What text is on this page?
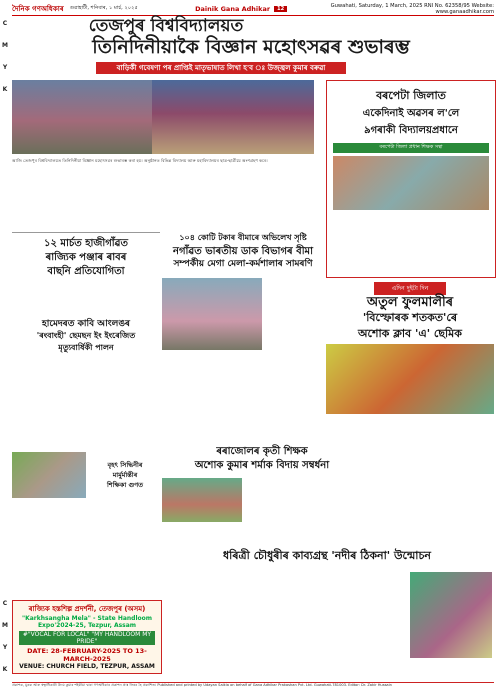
C
M
Y
K
C
M
Y
K
দৈনিক গণঅধিকাৰ গুৱাহাটী, শনিবাৰ, ১ মাৰ্চ, ২০২৫	Dainik Gana Adhikar	12	Guwahati, Saturday, 1 March, 2025 RNI No. 62358/95 Website: www.ganaadhikar.com
তেজপুৰ বিশ্ববিদ্যালয়ত
তিনিদিনীয়াকৈ বিজ্ঞান মহোৎসৱৰ শুভাৰম্ভ
বাড়িৰ্কী গবেষণা পৰ প্ৰাপ্তিই মাতৃভাষাত লিখা হ'ব ঃ উজ্জ্বল কুমাৰ বৰুৱা
আজি তেজপুৰ বিশ্ববিদ্যালয়ত তিনিদিনীয়া বিজ্ঞান মহোৎসৱৰ শুভাৰম্ভ কৰা হয়। অনুষ্ঠানত বিভিন্ন বিদ্যালয় আৰু মহাবিদ্যালয়ৰ ছাত্ৰ-ছাত্ৰীয়ে অংশগ্ৰহণ কৰে।
বৰপেটা জিলাত
একেদিনাই অৱসৰ ল'লে
৯গৰাকী বিদ্যালয়প্ৰধানে
বৰপেটা জিলা প্ৰধান শিক্ষক সন্থা
এদিন দুইটা দিন
অতুল ফুলমালীৰ
'বিস্ফোৰক শতকত'ৰে
অশোক ক্লাব 'এ' ছেমিক
১২ মাৰ্চত হাজীগাঁৱত
ৰাজ্যিক পঞ্জাৰ ৰাবৰ
বাছনি প্ৰতিযোগিতা
হামেদৰত কাবি আংলঙৰ
'ৰংবাংহী' ছেমছন ইং ইংৰেজিত
মৃত্যুবাৰ্ষিকী পালন
১০৪ কোটি টকাৰ বীমাৰে অভিলেখ সৃষ্টি
নগাঁৱত ভাৰতীয় ডাক বিভাগৰ বীমা
সম্পৰ্কীয় মেগা মেলা-কৰ্মশালাৰ সামৰণি
বৃহৎ সিদ্ধিনীৰ
মাৰ্মুৰ্মান্তীৰ
শিক্ষিকা গুণত
ৰৰাজোলৰ কৃতী শিক্ষক
অশোক কুমাৰ শৰ্মাক বিদায় সম্বৰ্ধনা
ধৰিত্ৰী চৌধুৰীৰ কাব্যগ্ৰন্থ 'নদীৰ ঠিকনা' উন্মোচন
ৰাজ্যিক হস্তশিল্প প্ৰদৰ্শনী, তেজপুৰ (অসম)
"Karkhsangha Mela" - State Handloom Expo'2024-25, Tezpur, Assam
#"VOCAL FOR LOCAL" "MY HANDLOOM MY PRIDE"
DATE: 28-FEBRUARY-2025 TO 13-MARCH-2025
VENUE: CHURCH FIELD, TEZPUR, ASSAM
প্ৰকাশক, মুদ্ৰক আৰু স্বত্বাধিকাৰী উদয় কুমাৰ শইকীয়া দ্বাৰা গণঅধিকাৰ প্ৰকাশন প্ৰাঃ লিঃৰ হৈ প্ৰকাশিত। Published and printed by Udayan Saikia on behalf of Gana Adhikar Prakashan Pvt. Ltd. Guwahati-781003. Editor: Dr. Zakir Hussain
